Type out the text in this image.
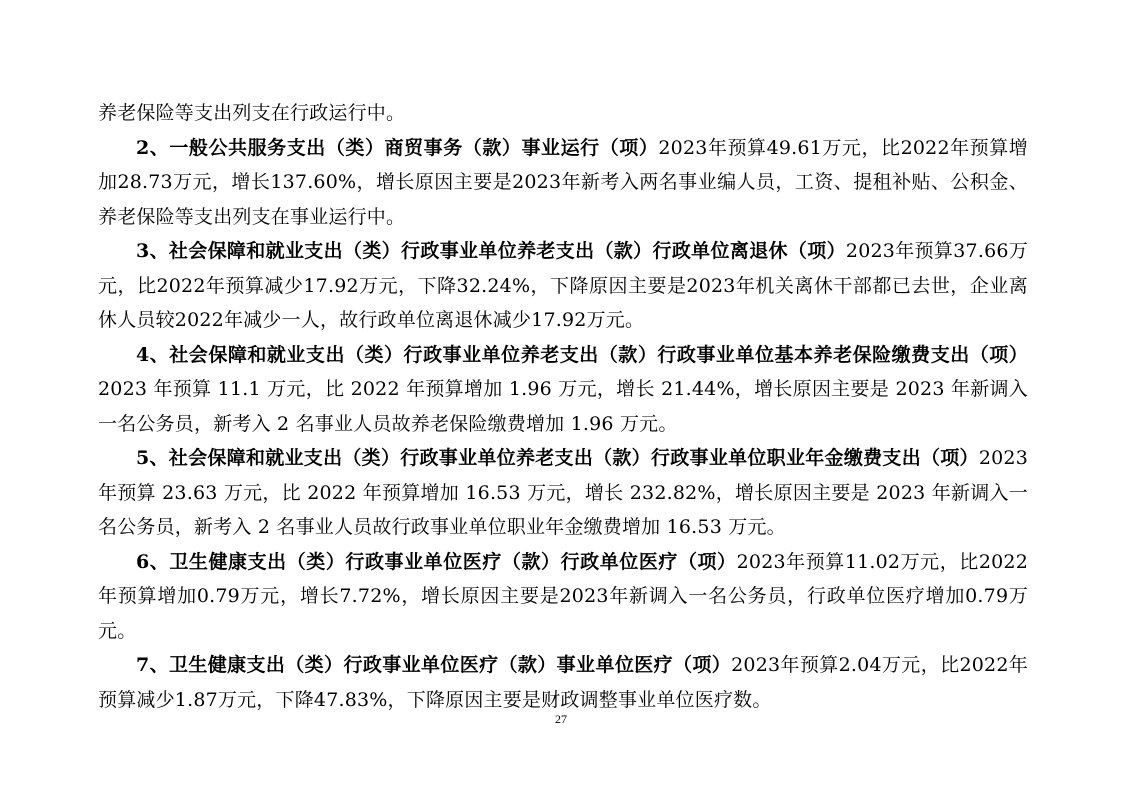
养老保险等支出列支在行政运行中。

2、一般公共服务支出（类）商贸事务（款）事业运行（项）2023年预算49.61万元，比2022年预算增加28.73万元，增长137.60%，增长原因主要是2023年新考入两名事业编人员，工资、提租补贴、公积金、养老保险等支出列支在事业运行中。

3、社会保障和就业支出（类）行政事业单位养老支出（款）行政单位离退休（项）2023年预算37.66万元，比2022年预算减少17.92万元，下降32.24%，下降原因主要是2023年机关离休干部都已去世，企业离休人员较2022年减少一人，故行政单位离退休减少17.92万元。

4、社会保障和就业支出（类）行政事业单位养老支出（款）行政事业单位基本养老保险缴费支出（项）2023 年预算 11.1 万元，比 2022 年预算增加 1.96 万元，增长 21.44%，增长原因主要是 2023 年新调入一名公务员，新考入 2 名事业人员故养老保险缴费增加 1.96 万元。

5、社会保障和就业支出（类）行政事业单位养老支出（款）行政事业单位职业年金缴费支出（项）2023 年预算 23.63 万元，比 2022 年预算增加 16.53 万元，增长 232.82%，增长原因主要是 2023 年新调入一名公务员，新考入 2 名事业人员故行政事业单位职业年金缴费增加 16.53 万元。

6、卫生健康支出（类）行政事业单位医疗（款）行政单位医疗（项）2023年预算11.02万元，比2022年预算增加0.79万元，增长7.72%，增长原因主要是2023年新调入一名公务员，行政单位医疗增加0.79万元。

7、卫生健康支出（类）行政事业单位医疗（款）事业单位医疗（项）2023年预算2.04万元，比2022年预算减少1.87万元，下降47.83%，下降原因主要是财政调整事业单位医疗数。

27
